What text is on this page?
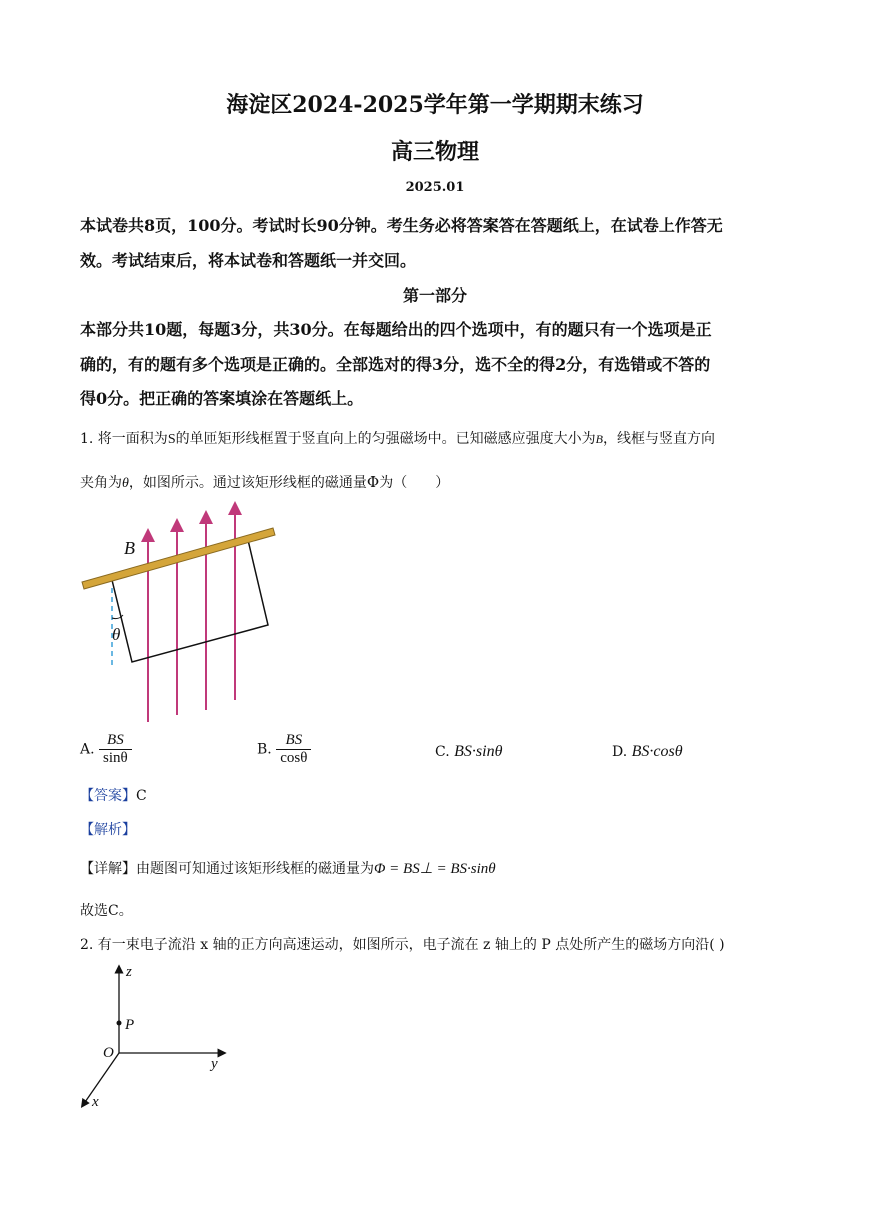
海淀区2024-2025学年第一学期期末练习
高三物理
2025.01
本试卷共8页，100分。考试时长90分钟。考生务必将答案答在答题纸上，在试卷上作答无
效。考试结束后，将本试卷和答题纸一并交回。
第一部分
本部分共10题，每题3分，共30分。在每题给出的四个选项中，有的题只有一个选项是正
确的，有的题有多个选项是正确的。全部选对的得3分，选不全的得2分，有选错或不答的
得0分。把正确的答案填涂在答题纸上。
1. 将一面积为S的单匝矩形线框置于竖直向上的匀强磁场中。已知磁感应强度大小为B，线框与竖直方向
夹角为θ，如图所示。通过该矩形线框的磁通量Φ为（　　）
B
θ
A. $\frac{BS}{\sin\theta}$	B. $\frac{BS}{\cos\theta}$	C. BS·sinθ	D. BS·cosθ
【答案】C
【解析】
【详解】由题图可知通过该矩形线框的磁通量为Φ = BS⊥ = BS·sinθ
故选C。
2. 有一束电子流沿 x 轴的正方向高速运动，如图所示，电子流在 z 轴上的 P 点处所产生的磁场方向沿( )
z
P
O
y
x
